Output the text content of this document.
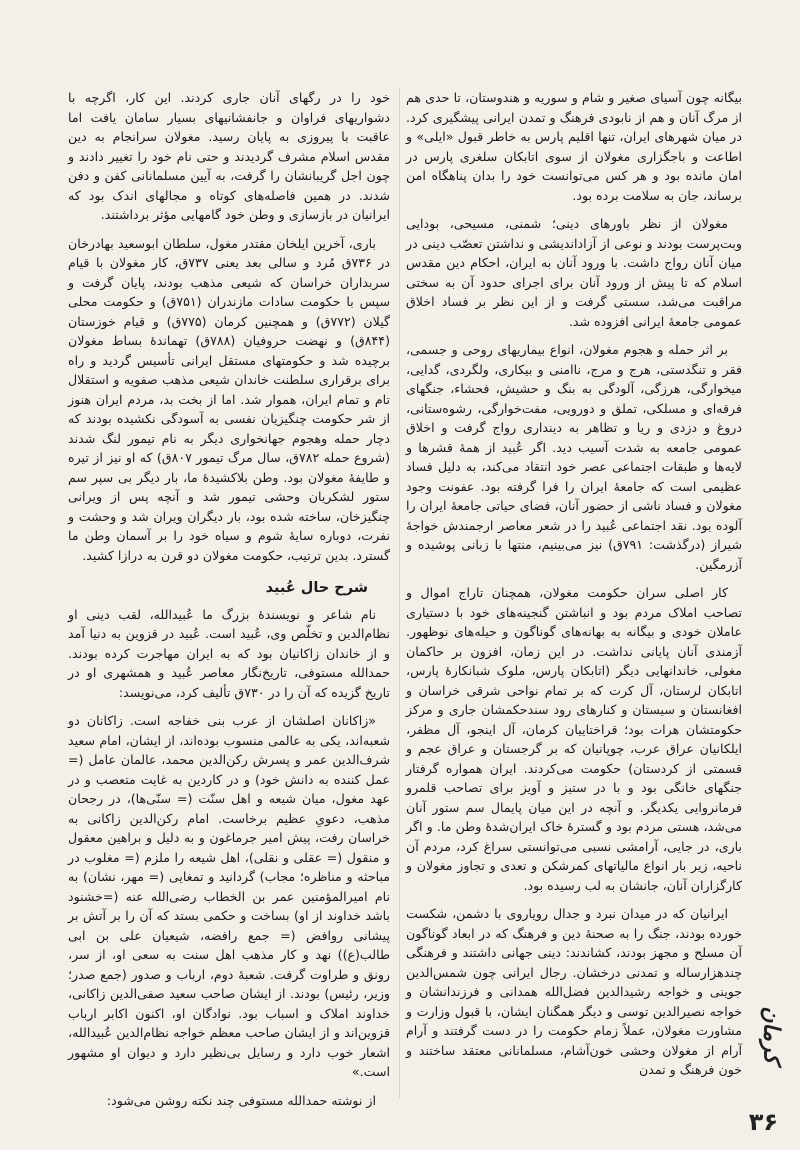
بیگانه چون آسیای صغیر و شام و سوریه و هندوستان، تا حدی هم از مرگ آنان و هم از نابودی فرهنگ و تمدن ایرانی پیشگیری کرد. در میان شهرهای ایران، تنها اقلیم پارس به خاطر قبول «ایلی» و اطاعت و باجگزاری مغولان از سوی اتابکان سلغری پارس در امان مانده بود و هر کس می‌توانست خود را بدان پناهگاه امن برساند، جان به سلامت برده بود.

مغولان از نظر باورهای دینی؛ شمنی، مسیحی، بودایی وبت‌پرست بودند و نوعی از آزاداندیشی و نداشتن تعصّب دینی در میان آنان رواج داشت. با ورود آنان به ایران، احکام دین مقدس اسلام که تا پیش از ورود آنان برای اجرای حدود آن به سختی مراقبت می‌شد، سستی گرفت و از این نظر بر فساد اخلاق عمومی جامعهٔ ایرانی افزوده شد.

بر اثر حمله و هجوم مغولان، انواع بیماریهای روحی و جسمی، فقر و تنگدستی، هرج و مرج، ناامنی و بیکاری، ولگردی، گدایی، میخوارگی، هرزگی، آلودگی به بنگ و حشیش، فحشاء، جنگهای فرقه‌ای و مسلکی، تملق و دورویی، مفت‌خوارگی، رشوه‌ستانی، دروغ و دزدی و ریا و تظاهر به دینداری رواج گرفت و اخلاق عمومی جامعه به شدت آسیب دید. اگر عُبید از همهٔ قشرها و لایه‌ها و طبقات اجتماعی عصر خود انتقاد می‌کند، به دلیل فساد عظیمی است که جامعهٔ ایران را فرا گرفته بود. عفونت وجود مغولان و فساد ناشی از حضور آنان، فضای حیاتی جامعهٔ ایران را آلوده بود. نقد اجتماعی عُبید را در شعر معاصر ارجمندش خواجهٔ شیراز (درگذشت: ۷۹۱ق) نیز می‌بینیم، منتها با زبانی پوشیده و آزرمگین.

کار اصلی سران حکومت مغولان، همچنان تاراج اموال و تصاحب املاک مردم بود و انباشتن گنجینه‌های خود با دستیاری عاملان خودی و بیگانه به بهانه‌های گوناگون و حیله‌های نوظهور. آزمندی آنان پایانی نداشت. در این زمان، افزون بر حاکمان مغولی، خاندانهایی دیگر (اتابکان پارس، ملوک شبانکارهٔ پارس، اتابکان لرستان، آل کرت که بر تمام نواحی شرقی خراسان و افغانستان و سیستان و کنارهای رود سندحکمشان جاری و مرکز حکومتشان هرات بود؛ قراختاییان کرمان، آل اینجو، آل مظفر، ایلکانیان عراق عرب، چوپانیان که بر گرجستان و عراق عجم و قسمتی از کردستان) حکومت می‌کردند. ایران همواره گرفتار جنگهای خانگی بود و با در ستیز و آویز برای تصاحب قلمرو فرمانروایی یکدیگر. و آنچه در این میان پایمال سم ستور آنان می‌شد، هستی مردم بود و گسترهٔ خاک ایران‌شدهٔ وطن ما. و اگر باری، در جایی، آرامشی نسبی می‌توانستی سراغ کرد، مردم آن ناحیه، زیر بار انواع مالیاتهای کمرشکن و تعدی و تجاوز مغولان و کارگزاران آنان، جانشان به لب رسیده بود.

ایرانیان که در میدان نبرد و جدال رویاروی با دشمن، شکست خورده بودند، جنگ را به صحنهٔ دین و فرهنگ که در ابعاد گوناگون آن مسلح و مجهز بودند، کشاندند: دینی جهانی داشتند و فرهنگی چندهزارساله و تمدنی درخشان. رجال ایرانی چون شمس‌الدین جوینی و خواجه رشیدالدین فضل‌الله همدانی و فرزندانشان و خواجه نصیرالدین توسی و دیگر همگنان ایشان، با قبول وزارت و مشاورت مغولان، عملاً زمام حکومت را در دست گرفتند و آرام آرام از مغولان وحشی خون‌آشام، مسلمانانی معتقد ساختند و خون فرهنگ و تمدن

خود را در رگهای آنان جاری کردند. این کار، اگرچه با دشواریهای فراوان و جانفشانیهای بسیار سامان یافت اما عاقبت با پیروزی به پایان رسید. مغولان سرانجام به دین مقدس اسلام مشرف گردیدند و حتی نام خود را تغییر دادند و چون اجل گریبانشان را گرفت، به آیین مسلمانانی کفن و دفن شدند. در همین فاصله‌های کوتاه و مجالهای اندک بود که ایرانیان در بازسازی و وطن خود گامهایی مؤثر برداشتند.

باری، آخرین ایلخان مقتدر مغول، سلطان ابوسعید بهادرخان در ۷۳۶ق مُرد و سالی بعد یعنی ۷۳۷ق، کار مغولان با قیام سربداران خراسان که شیعی مذهب بودند، پایان گرفت و سپس با حکومت سادات مازندران (۷۵۱ق) و حکومت محلی گیلان (۷۷۲ق) و همچنین کرمان (۷۷۵ق) و قیام خوزستان (۸۴۴ق) و نهضت حروفیان (۷۸۸ق) تهماندهٔ بساط مغولان برچیده شد و حکومتهای مستقل ایرانی تأسیس گردید و راه برای برقراری سلطنت خاندان شیعی مذهب صفویه و استقلال تام و تمام ایران، هموار شد. اما از بخت بد، مردم ایران هنوز از شر حکومت چنگیزیان نفسی به آسودگی نکشیده بودند که دچار حمله وهجوم جهانخواری دیگر به نام تیمور لنگ شدند (شروع حمله ۷۸۲ق، سال مرگ تیمور ۸۰۷ق) که او نیز از تیره و طایفهٔ مغولان بود. وطن بلاکشیدهٔ ما، بار دیگر بی سپر سم ستور لشکریان وحشی تیمور شد و آنچه پس از ویرانی چنگیزخان، ساخته شده بود، بار دیگران ویران شد و وحشت و نفرت، دوباره سایهٔ شوم و سیاه خود را بر آسمان وطن ما گسترد. بدین ترتیب، حکومت مغولان دو قرن به درازا کشید.

شرح حال عُبید

نام شاعر و نویسندهٔ بزرگ ما عُبیدالله، لقب دینی او نظام‌الدین و تخلّص وی، عُبید است. عُبید در قزوین به دنیا آمد و از خاندان زاکانیان بود که به ایران مهاجرت کرده بودند. حمدالله مستوفی، تاریخ‌نگار معاصر عُبید و همشهری او در تاریخ گزیده که آن را در ۷۳۰ق تألیف کرد، می‌نویسد:

«زاکانان اصلشان از عرب بنی خفاجه است. زاکانان دو شعبه‌اند، یکی به عالمی منسوب بوده‌اند، از ایشان، امام سعید شرف‌الدین عمر و پسرش رکن‌الدین محمد، عالمان عامل (= عمل کننده به دانش خود) و در کاردین به غایت متعصب و در عهد مغول، میان شیعه و اهل سنّت (= سنّی‌ها)، در رجحان مذهب، دعویِ عظیم برخاست. امام رکن‌الدین زاکانی به خراسان رفت، پیش امیر جرماغون و به دلیل و براهین معقول و منقول (= عقلی و نقلی)، اهل شیعه را ملزم (= مغلوب در مباحثه و مناظره؛ مجاب) گردانید و تمغایی (= مهر، نشان) به نام امیرالمؤمنین عمر بن الخطاب رضی‌الله عنه (=خشنود باشد خداوند از او) بساخت و حکمی بستد که آن را بر آتش بر پیشانی روافض (= جمع رافضه، شیعیان علی بن ابی طالب(ع)) نهد و کار مذهب اهل سنت به سعی او، از سر، رونق و طراوت گرفت. شعبهٔ دوم، ارباب و صدور (جمع صدر؛ وزیر، رئیس) بودند. از ایشان صاحب سعید صفی‌الدین زاکانی، خداوند املاک و اسباب بود. نوادگان او، اکنون اکابر ارباب قزوین‌اند و از ایشان صاحب معظم خواجه نظام‌الدین عُبیدالله، اشعار خوب دارد و رسایل بی‌نظیر دارد و دیوان او مشهور است.»

از نوشته حمدالله مستوفی چند نکته روشن می‌شود:

کرمان
۳۶
